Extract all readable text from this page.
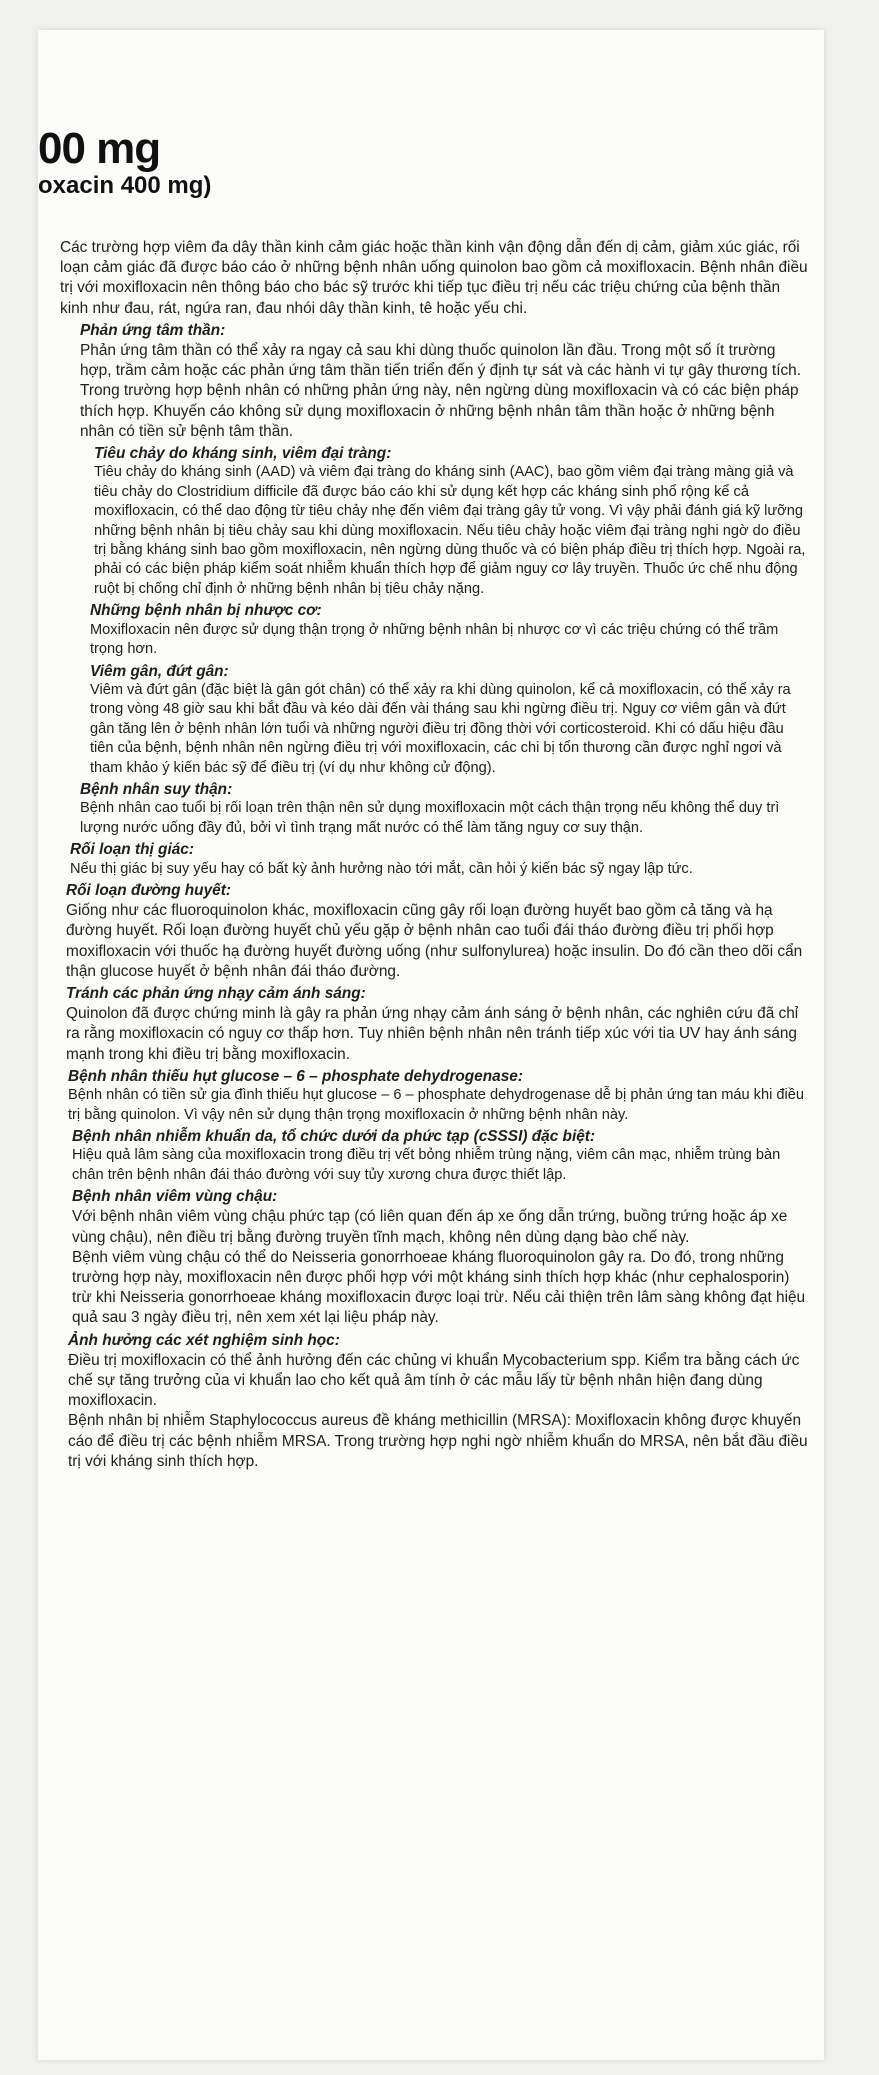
00 mg
oxacin 400 mg)

Các trường hợp viêm đa dây thần kinh cảm giác hoặc thần kinh vận động dẫn đến dị cảm, giảm xúc giác, rối loạn cảm giác đã được báo cáo ở những bệnh nhân uống quinolon bao gồm cả moxifloxacin. Bệnh nhân điều trị với moxifloxacin nên thông báo cho bác sỹ trước khi tiếp tục điều trị nếu các triệu chứng của bệnh thần kinh như đau, rát, ngứa ran, đau nhói dây thần kinh, tê hoặc yếu chi.

Phản ứng tâm thần:

Phản ứng tâm thần có thể xảy ra ngay cả sau khi dùng thuốc quinolon lần đầu. Trong một số ít trường hợp, trầm cảm hoặc các phản ứng tâm thần tiến triển đến ý định tự sát và các hành vi tự gây thương tích. Trong trường hợp bệnh nhân có những phản ứng này, nên ngừng dùng moxifloxacin và có các biện pháp thích hợp. Khuyến cáo không sử dụng moxifloxacin ở những bệnh nhân tâm thần hoặc ở những bệnh nhân có tiền sử bệnh tâm thần.

Tiêu chảy do kháng sinh, viêm đại tràng:

Tiêu chảy do kháng sinh (AAD) và viêm đại tràng do kháng sinh (AAC), bao gồm viêm đại tràng màng giả và tiêu chảy do Clostridium difficile đã được báo cáo khi sử dụng kết hợp các kháng sinh phổ rộng kể cả moxifloxacin, có thể dao động từ tiêu chảy nhẹ đến viêm đại tràng gây tử vong. Vì vậy phải đánh giá kỹ lưỡng những bệnh nhân bị tiêu chảy sau khi dùng moxifloxacin. Nếu tiêu chảy hoặc viêm đại tràng nghi ngờ do điều trị bằng kháng sinh bao gồm moxifloxacin, nên ngừng dùng thuốc và có biện pháp điều trị thích hợp. Ngoài ra, phải có các biện pháp kiểm soát nhiễm khuẩn thích hợp để giảm nguy cơ lây truyền. Thuốc ức chế nhu động ruột bị chống chỉ định ở những bệnh nhân bị tiêu chảy nặng.

Những bệnh nhân bị nhược cơ:

Moxifloxacin nên được sử dụng thận trọng ở những bệnh nhân bị nhược cơ vì các triệu chứng có thể trầm trọng hơn.

Viêm gân, đứt gân:

Viêm và đứt gân (đặc biệt là gân gót chân) có thể xảy ra khi dùng quinolon, kể cả moxifloxacin, có thể xảy ra trong vòng 48 giờ sau khi bắt đầu và kéo dài đến vài tháng sau khi ngừng điều trị. Nguy cơ viêm gân và đứt gân tăng lên ở bệnh nhân lớn tuổi và những người điều trị đồng thời với corticosteroid. Khi có dấu hiệu đầu tiên của bệnh, bệnh nhân nên ngừng điều trị với moxifloxacin, các chi bị tổn thương cần được nghỉ ngơi và tham khảo ý kiến bác sỹ để điều trị (ví dụ như không cử động).

Bệnh nhân suy thận:

Bệnh nhân cao tuổi bị rối loạn trên thận nên sử dụng moxifloxacin một cách thận trọng nếu không thể duy trì lượng nước uống đầy đủ, bởi vì tình trạng mất nước có thể làm tăng nguy cơ suy thận.

Rối loạn thị giác:

Nếu thị giác bị suy yếu hay có bất kỳ ảnh hưởng nào tới mắt, cần hỏi ý kiến bác sỹ ngay lập tức.

Rối loạn đường huyết:

Giống như các fluoroquinolon khác, moxifloxacin cũng gây rối loạn đường huyết bao gồm cả tăng và hạ đường huyết. Rối loạn đường huyết chủ yếu gặp ở bệnh nhân cao tuổi đái tháo đường điều trị phối hợp moxifloxacin với thuốc hạ đường huyết đường uống (như sulfonylurea) hoặc insulin. Do đó cần theo dõi cẩn thận glucose huyết ở bệnh nhân đái tháo đường.

Tránh các phản ứng nhạy cảm ánh sáng:

Quinolon đã được chứng minh là gây ra phản ứng nhạy cảm ánh sáng ở bệnh nhân, các nghiên cứu đã chỉ ra rằng moxifloxacin có nguy cơ thấp hơn. Tuy nhiên bệnh nhân nên tránh tiếp xúc với tia UV hay ánh sáng mạnh trong khi điều trị bằng moxifloxacin.

Bệnh nhân thiếu hụt glucose – 6 – phosphate dehydrogenase:

Bệnh nhân có tiền sử gia đình thiếu hụt glucose – 6 – phosphate dehydrogenase dễ bị phản ứng tan máu khi điều trị bằng quinolon. Vì vậy nên sử dụng thận trọng moxifloxacin ở những bệnh nhân này.

Bệnh nhân nhiễm khuẩn da, tổ chức dưới da phức tạp (cSSSI) đặc biệt:

Hiệu quả lâm sàng của moxifloxacin trong điều trị vết bỏng nhiễm trùng nặng, viêm cân mạc, nhiễm trùng bàn chân trên bệnh nhân đái tháo đường với suy tủy xương chưa được thiết lập.

Bệnh nhân viêm vùng chậu:

Với bệnh nhân viêm vùng chậu phức tạp (có liên quan đến áp xe ống dẫn trứng, buồng trứng hoặc áp xe vùng chậu), nên điều trị bằng đường truyền tĩnh mạch, không nên dùng dạng bào chế này.

Bệnh viêm vùng chậu có thể do Neisseria gonorrhoeae kháng fluoroquinolon gây ra. Do đó, trong những trường hợp này, moxifloxacin nên được phối hợp với một kháng sinh thích hợp khác (như cephalosporin) trừ khi Neisseria gonorrhoeae kháng moxifloxacin được loại trừ. Nếu cải thiện trên lâm sàng không đạt hiệu quả sau 3 ngày điều trị, nên xem xét lại liệu pháp này.

Ảnh hưởng các xét nghiệm sinh học:

Điều trị moxifloxacin có thể ảnh hưởng đến các chủng vi khuẩn Mycobacterium spp. Kiểm tra bằng cách ức chế sự tăng trưởng của vi khuẩn lao cho kết quả âm tính ở các mẫu lấy từ bệnh nhân hiện đang dùng moxifloxacin.

Bệnh nhân bị nhiễm Staphylococcus aureus đề kháng methicillin (MRSA): Moxifloxacin không được khuyến cáo để điều trị các bệnh nhiễm MRSA. Trong trường hợp nghi ngờ nhiễm khuẩn do MRSA, nên bắt đầu điều trị với kháng sinh thích hợp.
